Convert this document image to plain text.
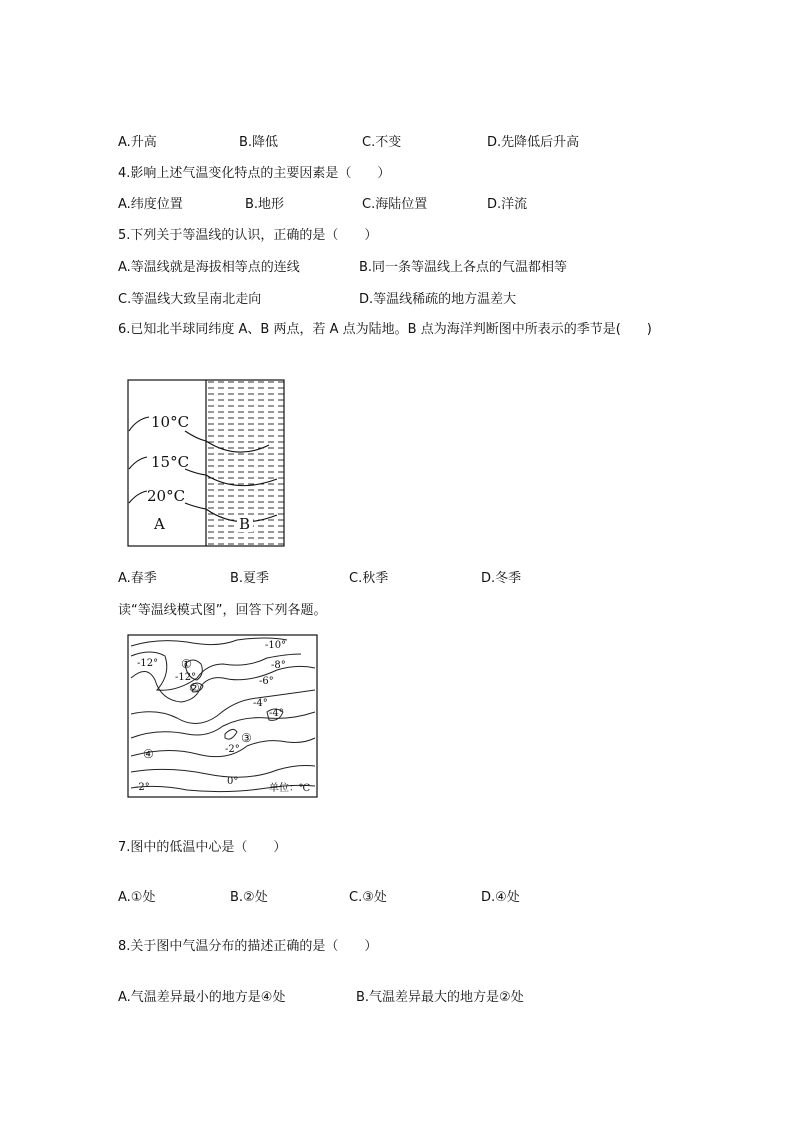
A.升高	B.降低	C.不变	D.先降低后升高
4.影响上述气温变化特点的主要因素是（　　）
A.纬度位置	B.地形	C.海陆位置	D.洋流
5.下列关于等温线的认识，正确的是（　　）
A.等温线就是海拔相等点的连线	B.同一条等温线上各点的气温都相等
C.等温线大致呈南北走向	D.等温线稀疏的地方温差大
6.已知北半球同纬度 A、B 两点，若 A 点为陆地。B 点为海洋判断图中所表示的季节是(　　)
10°C
15°C
20°C
A	B
A.春季	B.夏季	C.秋季	D.冬季
读“等温线模式图”，回答下列各题。
-10°
-12°
-12°
-8°
-6°
-4°
-4°
-2°
-2°
0°
①
②
③
④
单位：℃
7.图中的低温中心是（　　）
A.①处	B.②处	C.③处	D.④处
8.关于图中气温分布的描述正确的是（　　）
A.气温差异最小的地方是④处	B.气温差异最大的地方是②处
